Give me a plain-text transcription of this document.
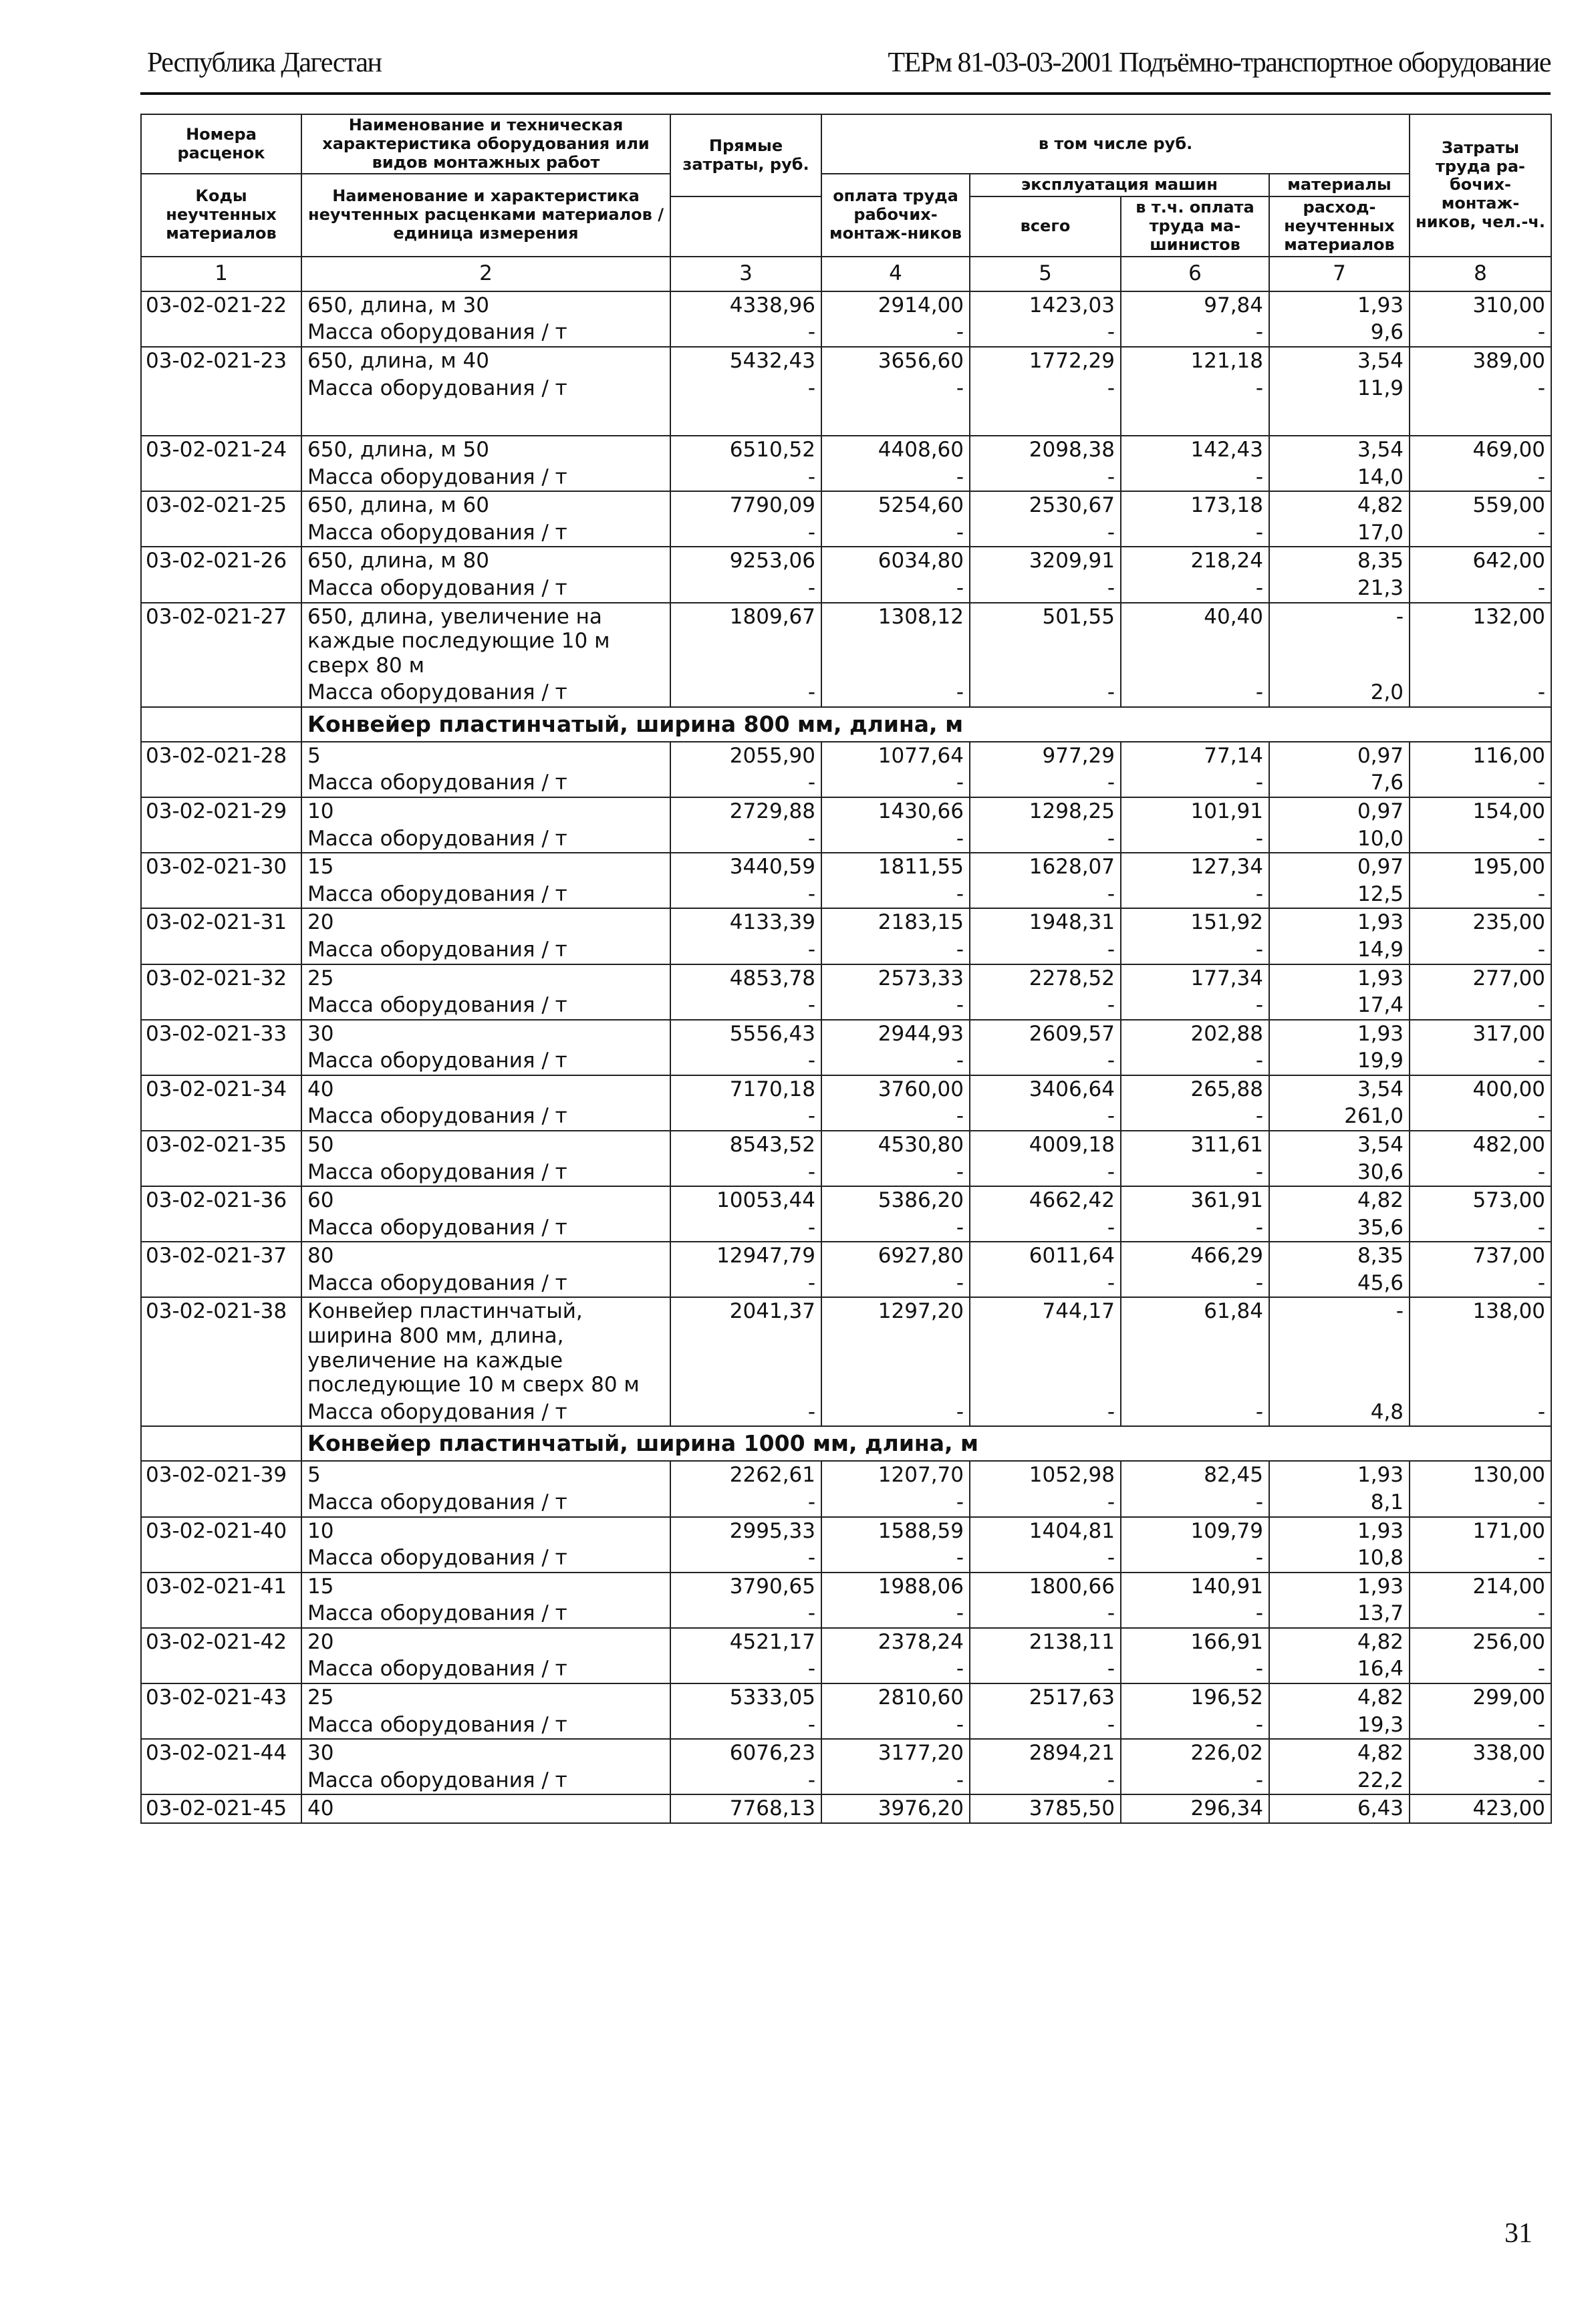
Республика Дагестан	ТЕРм 81-03-03-2001 Подъёмно-транспортное оборудование
Номера расценок	Наименование и техническая характеристика оборудования или видов монтажных работ	Прямые затраты, руб.	в том числе руб.				Затраты труда ра-бочих-монтаж-ников, чел.-ч.
Коды неучтенных материалов	Наименование и характеристика неучтенных расценками материалов / единица измерения		оплата труда рабочих-монтаж-ников	эксплуатация машин		материалы	
				всего	в т.ч. оплата труда ма-шинистов	расход-неучтенных материалов	
1	2	3	4	5	6	7	8
03-02-021-22	650, длина, м 30	4338,96	2914,00	1423,03	97,84	1,93	310,00
	Масса оборудования / т	-	-	-	-	9,6	-
03-02-021-23	650, длина, м 40	5432,43	3656,60	1772,29	121,18	3,54	389,00
	Масса оборудования / т	-	-	-	-	11,9	-

03-02-021-24	650, длина, м 50	6510,52	4408,60	2098,38	142,43	3,54	469,00
	Масса оборудования / т	-	-	-	-	14,0	-
03-02-021-25	650, длина, м 60	7790,09	5254,60	2530,67	173,18	4,82	559,00
	Масса оборудования / т	-	-	-	-	17,0	-
03-02-021-26	650, длина, м 80	9253,06	6034,80	3209,91	218,24	8,35	642,00
	Масса оборудования / т	-	-	-	-	21,3	-
03-02-021-27	650, длина, увеличение на каждые последующие 10 м сверх 80 м	1809,67	1308,12	501,55	40,40	-	132,00
	Масса оборудования / т	-	-	-	-	2,0	-
	Конвейер пластинчатый, ширина 800 мм, длина, м						
03-02-021-28	5	2055,90	1077,64	977,29	77,14	0,97	116,00
	Масса оборудования / т	-	-	-	-	7,6	-
03-02-021-29	10	2729,88	1430,66	1298,25	101,91	0,97	154,00
	Масса оборудования / т	-	-	-	-	10,0	-
03-02-021-30	15	3440,59	1811,55	1628,07	127,34	0,97	195,00
	Масса оборудования / т	-	-	-	-	12,5	-
03-02-021-31	20	4133,39	2183,15	1948,31	151,92	1,93	235,00
	Масса оборудования / т	-	-	-	-	14,9	-
03-02-021-32	25	4853,78	2573,33	2278,52	177,34	1,93	277,00
	Масса оборудования / т	-	-	-	-	17,4	-
03-02-021-33	30	5556,43	2944,93	2609,57	202,88	1,93	317,00
	Масса оборудования / т	-	-	-	-	19,9	-
03-02-021-34	40	7170,18	3760,00	3406,64	265,88	3,54	400,00
	Масса оборудования / т	-	-	-	-	261,0	-
03-02-021-35	50	8543,52	4530,80	4009,18	311,61	3,54	482,00
	Масса оборудования / т	-	-	-	-	30,6	-
03-02-021-36	60	10053,44	5386,20	4662,42	361,91	4,82	573,00
	Масса оборудования / т	-	-	-	-	35,6	-
03-02-021-37	80	12947,79	6927,80	6011,64	466,29	8,35	737,00
	Масса оборудования / т	-	-	-	-	45,6	-
03-02-021-38	Конвейер пластинчатый, ширина 800 мм, длина, увеличение на каждые последующие 10 м сверх 80 м	2041,37	1297,20	744,17	61,84	-	138,00
	Масса оборудования / т	-	-	-	-	4,8	-
	Конвейер пластинчатый, ширина 1000 мм, длина, м						
03-02-021-39	5	2262,61	1207,70	1052,98	82,45	1,93	130,00
	Масса оборудования / т	-	-	-	-	8,1	-
03-02-021-40	10	2995,33	1588,59	1404,81	109,79	1,93	171,00
	Масса оборудования / т	-	-	-	-	10,8	-
03-02-021-41	15	3790,65	1988,06	1800,66	140,91	1,93	214,00
	Масса оборудования / т	-	-	-	-	13,7	-
03-02-021-42	20	4521,17	2378,24	2138,11	166,91	4,82	256,00
	Масса оборудования / т	-	-	-	-	16,4	-
03-02-021-43	25	5333,05	2810,60	2517,63	196,52	4,82	299,00
	Масса оборудования / т	-	-	-	-	19,3	-
03-02-021-44	30	6076,23	3177,20	2894,21	226,02	4,82	338,00
	Масса оборудования / т	-	-	-	-	22,2	-
03-02-021-45	40	7768,13	3976,20	3785,50	296,34	6,43	423,00
31
